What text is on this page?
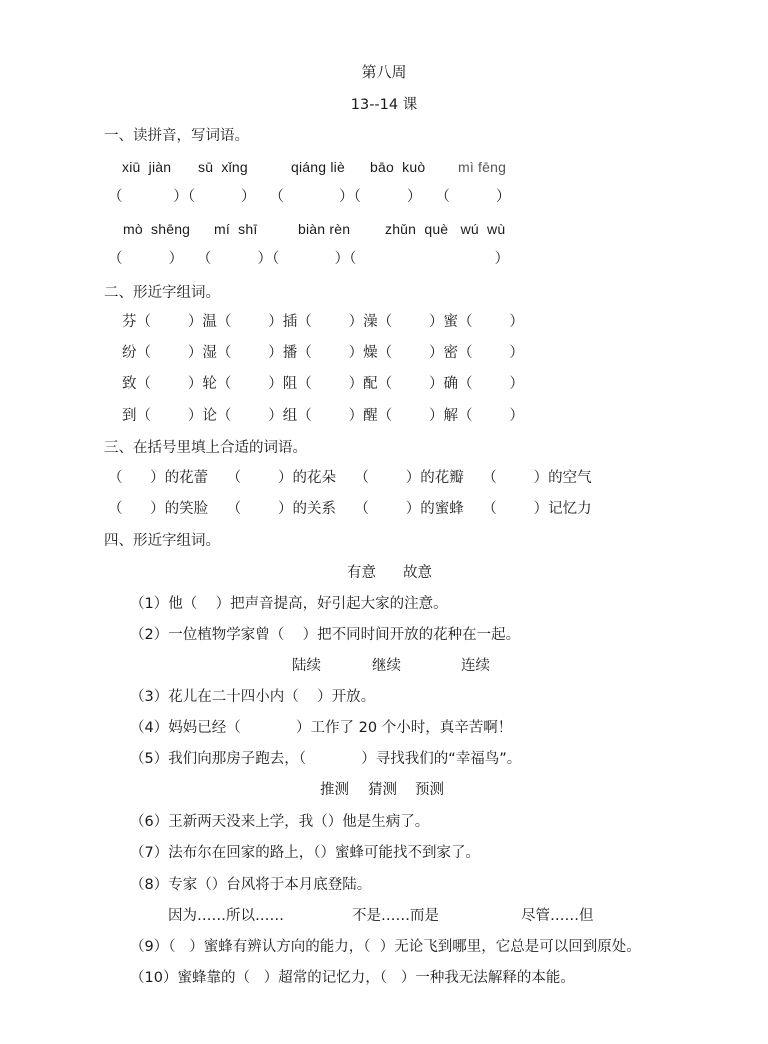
第八周
13--14 课
一、读拼音，写词语。
xiū  jiàn sū  xǐng	qiáng liè bāo  kuò mì fēng
（           ）（          ）   （            ）（          ）   （          ）
mò  shēng mí  shī	biàn rèn zhǔn  què   wú  wù
（          ）   （          ）（            ）（                              ）
二、形近字组词。
芬（        ）温（        ）插（        ）澡（        ）蜜（        ）
纷（        ）湿（        ）播（        ）燥（        ）密（        ）
致（        ）轮（        ）阻（        ）配（        ）确（        ）
到（        ）论（        ）组（        ）醒（        ）解（        ）
三、在括号里填上合适的词语。
（      ）的花蕾    （        ）的花朵    （        ）的花瓣    （        ）的空气
（      ）的笑脸    （        ）的关系    （        ）的蜜蜂    （        ）记忆力
四、形近字组词。
有意 故意
（1）他（    ）把声音提高，好引起大家的注意。
（2）一位植物学家曾（    ）把不同时间开放的花种在一起。
陆续	继续	连续
（3）花儿在二十四小内（    ）开放。
（4）妈妈已经（            ）工作了 20 个小时，真辛苦啊！
（5）我们向那房子跑去，（            ）寻找我们的“幸福鸟”。
推测 猜测 预测
（6）王新两天没来上学，我（）他是生病了。
（7）法布尔在回家的路上，（）蜜蜂可能找不到家了。
（8）专家（）台风将于本月底登陆。
因为……所以……	不是……而是	尽管……但
（9）（   ）蜜蜂有辨认方向的能力，（  ）无论飞到哪里，它总是可以回到原处。
（10）蜜蜂靠的（   ）超常的记忆力，（   ）一种我无法解释的本能。
